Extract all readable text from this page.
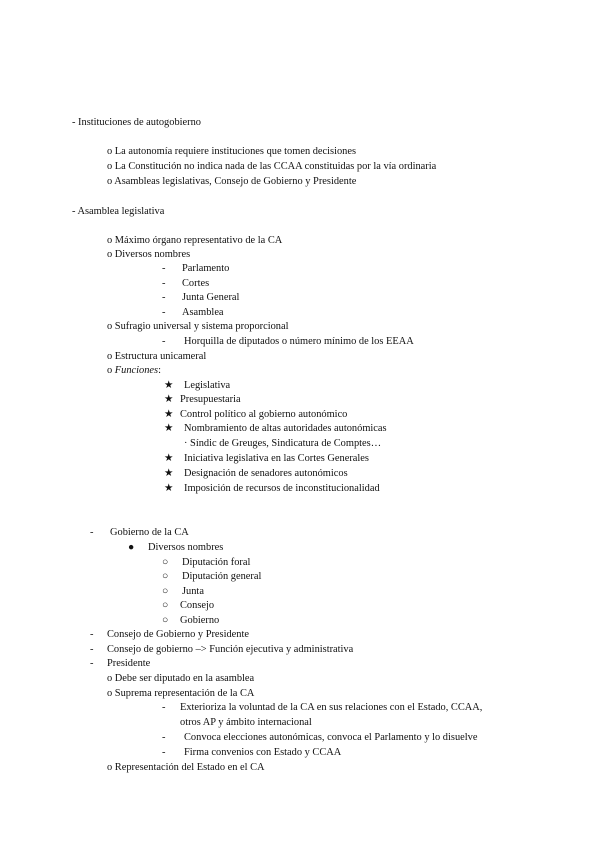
- Instituciones de autogobierno
o La autonomía requiere instituciones que tomen decisiones
o La Constitución no indica nada de las CCAA constituidas por la vía ordinaria
o Asambleas legislativas, Consejo de Gobierno y Presidente
- Asamblea legislativa
o Máximo órgano representativo de la CA
o Diversos nombres
- Parlamento
- Cortes
- Junta General
- Asamblea
o Sufragio universal y sistema proporcional
- Horquilla de diputados o número mínimo de los EEAA
o Estructura unicameral
o Funciones:
★ Legislativa
★ Presupuestaria
★ Control político al gobierno autonómico
★ Nombramiento de altas autoridades autonómicas
· Síndic de Greuges, Sindicatura de Comptes…
★ Iniciativa legislativa en las Cortes Generales
★ Designación de senadores autonómicos
★ Imposición de recursos de inconstitucionalidad
- Gobierno de la CA
● Diversos nombres
○ Diputación foral
○ Diputación general
○ Junta
○ Consejo
○ Gobierno
- Consejo de Gobierno y Presidente
- Consejo de gobierno –> Función ejecutiva y administrativa
- Presidente
o Debe ser diputado en la asamblea
o Suprema representación de la CA
- Exterioriza la voluntad de la CA en sus relaciones con el Estado, CCAA,
otros AP y ámbito internacional
- Convoca elecciones autonómicas, convoca el Parlamento y lo disuelve
- Firma convenios con Estado y CCAA
o Representación del Estado en el CA
